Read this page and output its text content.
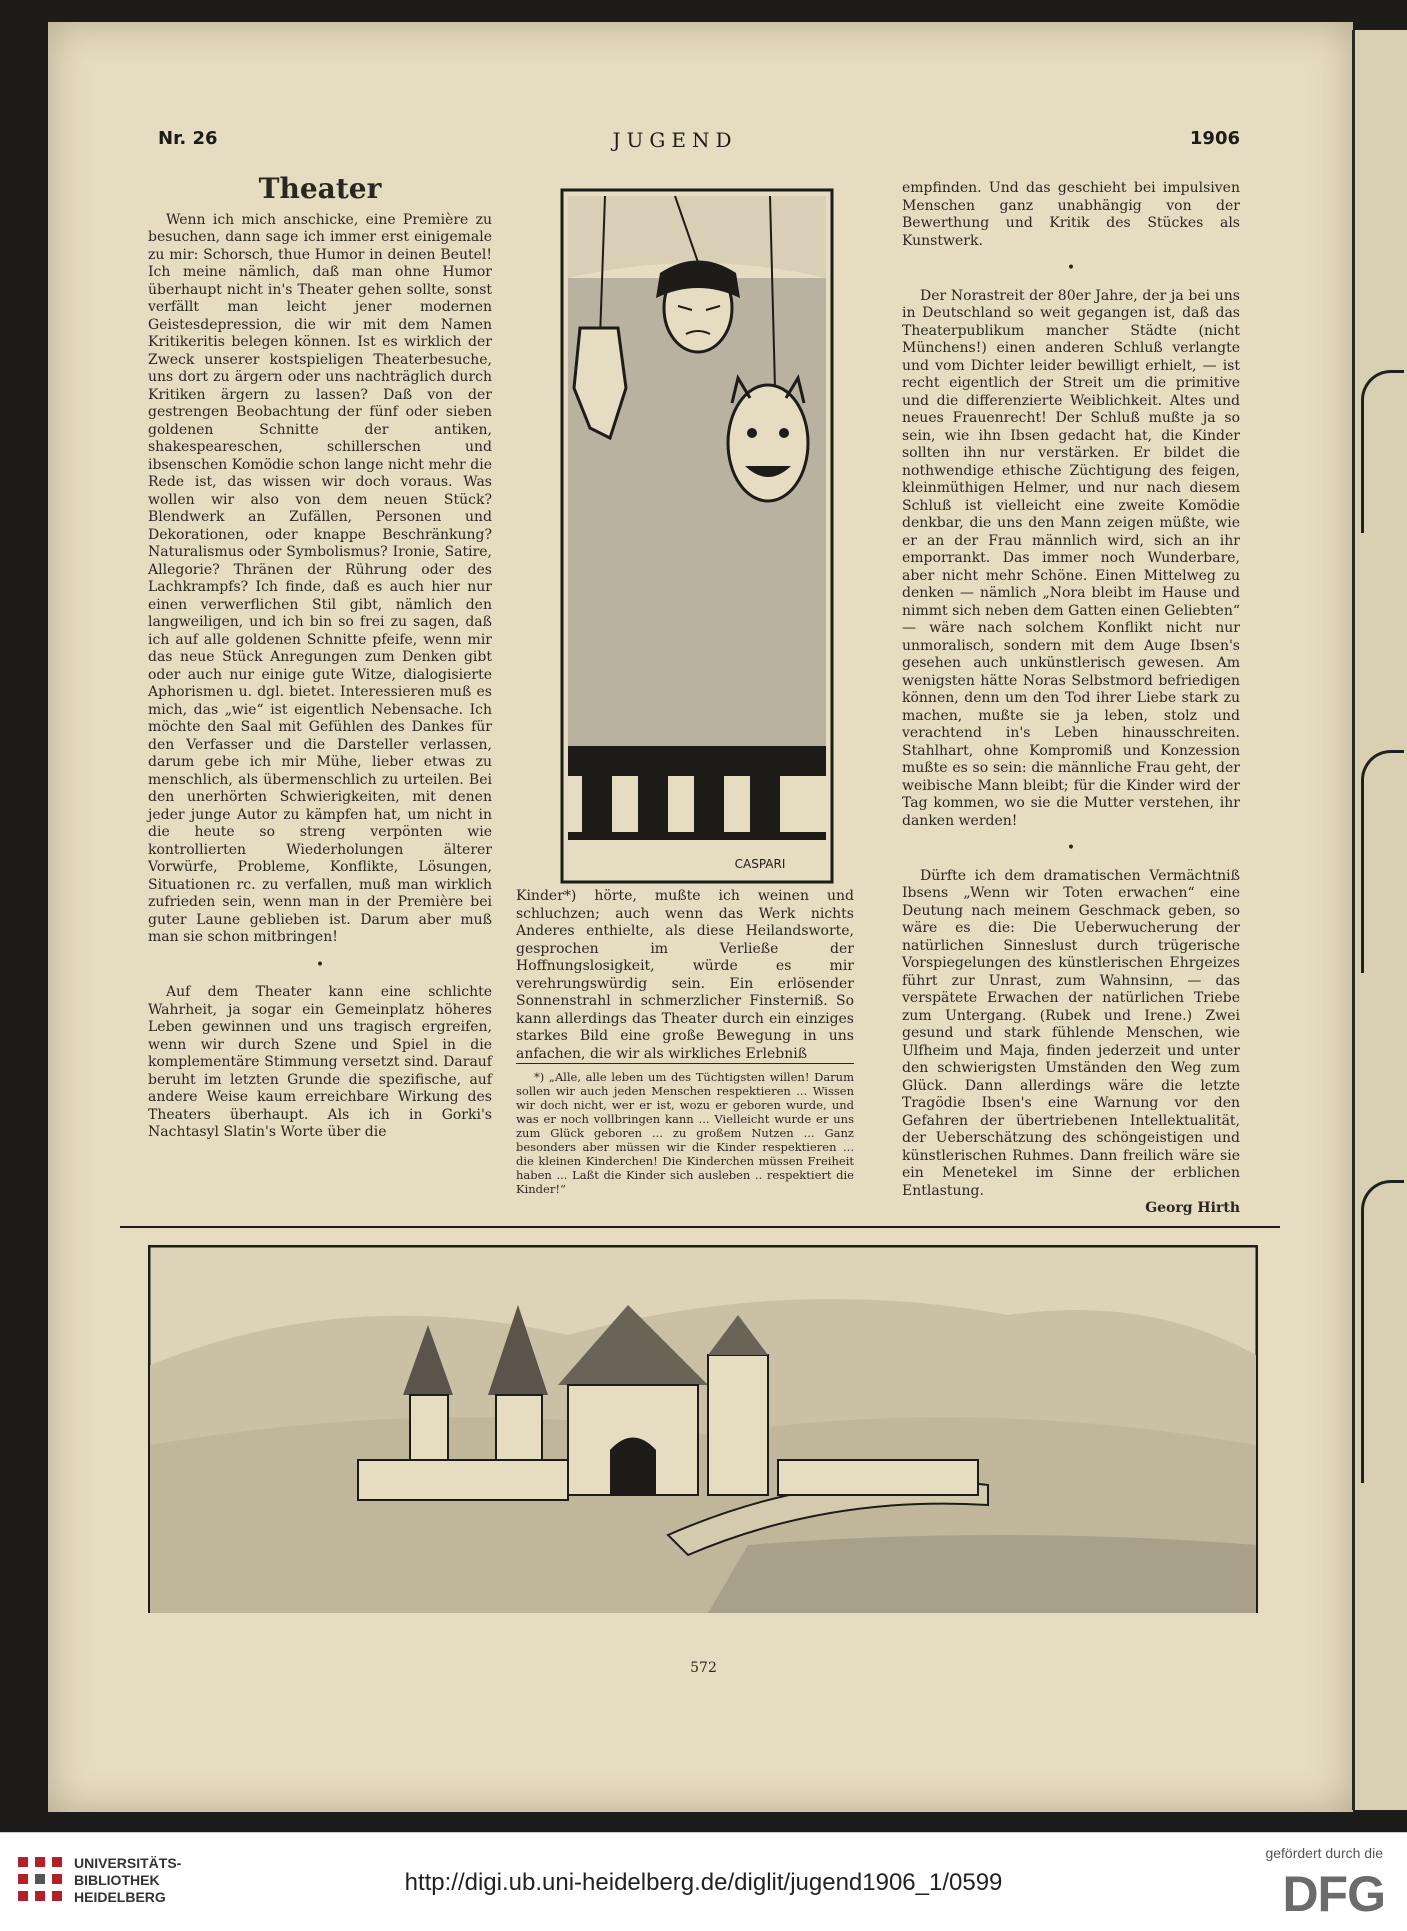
Nr. 26	JUGEND	1906

Theater

Wenn ich mich anschicke, eine Première zu besuchen, dann sage ich immer erst einigemale zu mir: Schorsch, thue Humor in deinen Beutel! Ich meine nämlich, daß man ohne Humor überhaupt nicht in's Theater gehen sollte, sonst verfällt man leicht jener modernen Geistesdepression, die wir mit dem Namen Kritikeritis belegen können. Ist es wirklich der Zweck unserer kostspieligen Theaterbesuche, uns dort zu ärgern oder uns nachträglich durch Kritiken ärgern zu lassen? Daß von der gestrengen Beobachtung der fünf oder sieben goldenen Schnitte der antiken, shakespeareschen, schillerschen und ibsenschen Komödie schon lange nicht mehr die Rede ist, das wissen wir doch voraus. Was wollen wir also von dem neuen Stück? Blendwerk an Zufällen, Personen und Dekorationen, oder knappe Beschränkung? Naturalismus oder Symbolismus? Ironie, Satire, Allegorie? Thränen der Rührung oder des Lachkrampfs? Ich finde, daß es auch hier nur einen verwerflichen Stil gibt, nämlich den langweiligen, und ich bin so frei zu sagen, daß ich auf alle goldenen Schnitte pfeife, wenn mir das neue Stück Anregungen zum Denken gibt oder auch nur einige gute Witze, dialogisierte Aphorismen u. dgl. bietet. Interessieren muß es mich, das „wie“ ist eigentlich Nebensache. Ich möchte den Saal mit Gefühlen des Dankes für den Verfasser und die Darsteller verlassen, darum gebe ich mir Mühe, lieber etwas zu menschlich, als übermenschlich zu urteilen. Bei den unerhörten Schwierigkeiten, mit denen jeder junge Autor zu kämpfen hat, um nicht in die heute so streng verpönten wie kontrollierten Wiederholungen älterer Vorwürfe, Probleme, Konflikte, Lösungen, Situationen rc. zu verfallen, muß man wirklich zufrieden sein, wenn man in der Première bei guter Laune geblieben ist. Darum aber muß man sie schon mitbringen!

•

Auf dem Theater kann eine schlichte Wahrheit, ja sogar ein Gemeinplatz höheres Leben gewinnen und uns tragisch ergreifen, wenn wir durch Szene und Spiel in die komplementäre Stimmung versetzt sind. Darauf beruht im letzten Grunde die spezifische, auf andere Weise kaum erreichbare Wirkung des Theaters überhaupt. Als ich in Gorki's Nachtasyl Slatin's Worte über die

CASPARI

Kinder*) hörte, mußte ich weinen und schluchzen; auch wenn das Werk nichts Anderes enthielte, als diese Heilandsworte, gesprochen im Verließe der Hoffnungslosigkeit, würde es mir verehrungswürdig sein. Ein erlösender Sonnenstrahl in schmerzlicher Finsterniß. So kann allerdings das Theater durch ein einziges starkes Bild eine große Bewegung in uns anfachen, die wir als wirkliches Erlebniß

*) „Alle, alle leben um des Tüchtigsten willen! Darum sollen wir auch jeden Menschen respektieren ... Wissen wir doch nicht, wer er ist, wozu er geboren wurde, und was er noch vollbringen kann ... Vielleicht wurde er uns zum Glück geboren ... zu großem Nutzen ... Ganz besonders aber müssen wir die Kinder respektieren ... die kleinen Kinderchen! Die Kinderchen müssen Freiheit haben ... Laßt die Kinder sich ausleben .. respektiert die Kinder!“

empfinden. Und das geschieht bei impulsiven Menschen ganz unabhängig von der Bewerthung und Kritik des Stückes als Kunstwerk.

•

Der Norastreit der 80er Jahre, der ja bei uns in Deutschland so weit gegangen ist, daß das Theaterpublikum mancher Städte (nicht Münchens!) einen anderen Schluß verlangte und vom Dichter leider bewilligt erhielt, — ist recht eigentlich der Streit um die primitive und die differenzierte Weiblichkeit. Altes und neues Frauenrecht! Der Schluß mußte ja so sein, wie ihn Ibsen gedacht hat, die Kinder sollten ihn nur verstärken. Er bildet die nothwendige ethische Züchtigung des feigen, kleinmüthigen Helmer, und nur nach diesem Schluß ist vielleicht eine zweite Komödie denkbar, die uns den Mann zeigen müßte, wie er an der Frau männlich wird, sich an ihr emporrankt. Das immer noch Wunderbare, aber nicht mehr Schöne. Einen Mittelweg zu denken — nämlich „Nora bleibt im Hause und nimmt sich neben dem Gatten einen Geliebten“ — wäre nach solchem Konflikt nicht nur unmoralisch, sondern mit dem Auge Ibsen's gesehen auch unkünstlerisch gewesen. Am wenigsten hätte Noras Selbstmord befriedigen können, denn um den Tod ihrer Liebe stark zu machen, mußte sie ja leben, stolz und verachtend in's Leben hinausschreiten. Stahlhart, ohne Kompromiß und Konzession mußte es so sein: die männliche Frau geht, der weibische Mann bleibt; für die Kinder wird der Tag kommen, wo sie die Mutter verstehen, ihr danken werden!

•

Dürfte ich dem dramatischen Vermächtniß Ibsens „Wenn wir Toten erwachen“ eine Deutung nach meinem Geschmack geben, so wäre es die: Die Ueberwucherung der natürlichen Sinneslust durch trügerische Vorspiegelungen des künstlerischen Ehrgeizes führt zur Unrast, zum Wahnsinn, — das verspätete Erwachen der natürlichen Triebe zum Untergang. (Rubek und Irene.) Zwei gesund und stark fühlende Menschen, wie Ulfheim und Maja, finden jederzeit und unter den schwierigsten Umständen den Weg zum Glück. Dann allerdings wäre die letzte Tragödie Ibsen's eine Warnung vor den Gefahren der übertriebenen Intellektualität, der Ueberschätzung des schöngeistigen und künstlerischen Ruhmes. Dann freilich wäre sie ein Menetekel im Sinne der erblichen Entlastung.

Georg Hirth

572
UNIVERSITÄTS-
BIBLIOTHEK
HEIDELBERG
http://digi.ub.uni-heidelberg.de/diglit/jugend1906_1/0599
gefördert durch die
DFG
